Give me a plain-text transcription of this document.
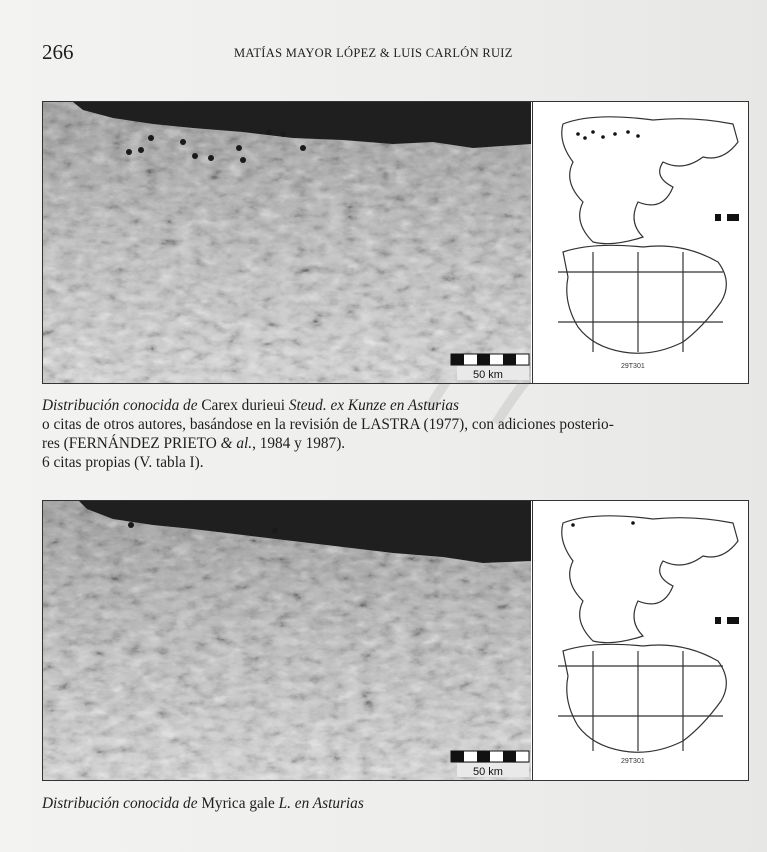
266	MATÍAS MAYOR LÓPEZ & LUIS CARLÓN RUIZ
50 km
29T301

Distribución conocida de Carex durieui Steud. ex Kunze en Asturias

o citas de otros autores, basándose en la revisión de LASTRA (1977), con adiciones posterio-

res (FERNÁNDEZ PRIETO & al., 1984 y 1987).

6 citas propias (V. tabla I).

50 km
29T301

Distribución conocida de Myrica gale L. en Asturias
